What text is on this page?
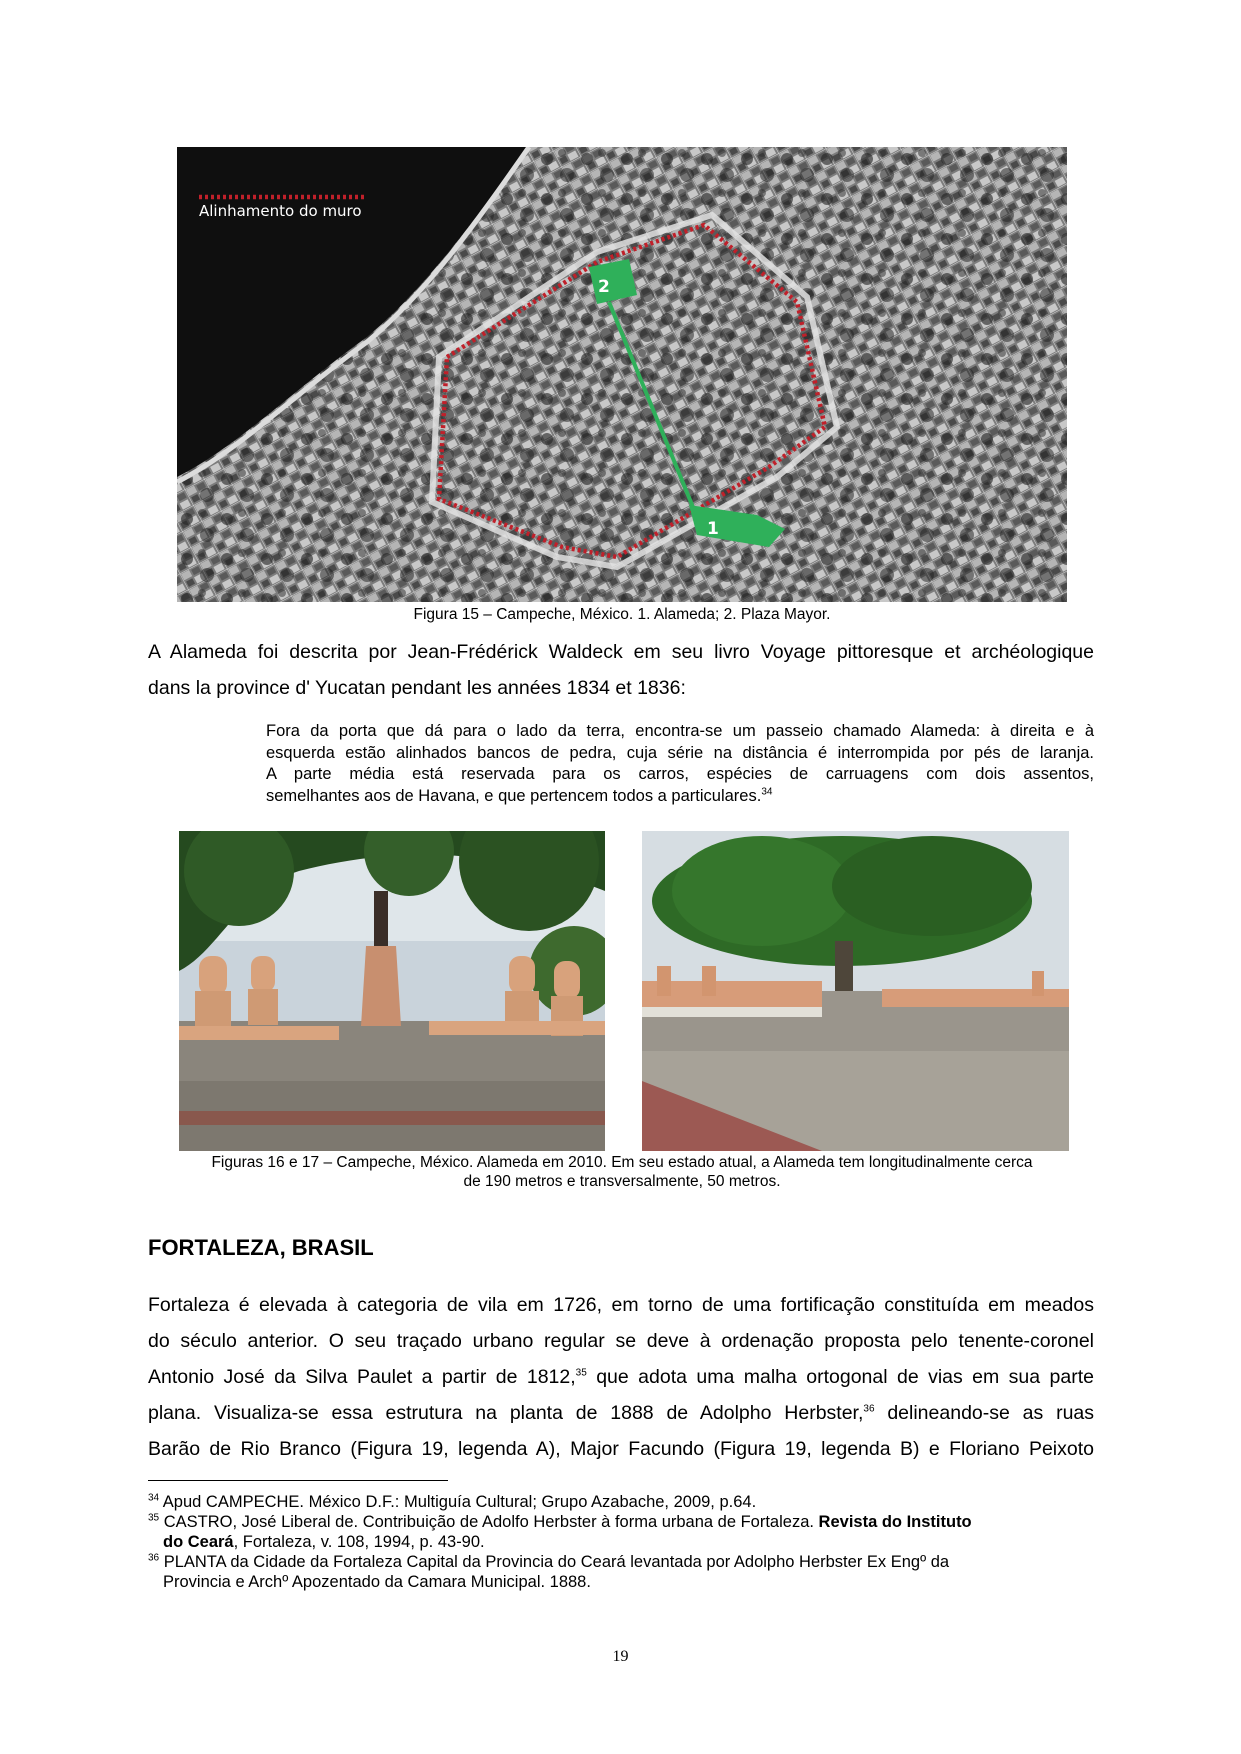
Alinhamento do muro
2
1
Figura 15 – Campeche, México. 1. Alameda; 2. Plaza Mayor.
A Alameda foi descrita por Jean-Frédérick Waldeck em seu livro Voyage pittoresque et archéologique
dans la province d' Yucatan pendant les années 1834 et 1836:
Fora da porta que dá para o lado da terra, encontra-se um passeio chamado Alameda: à direita e à
esquerda estão alinhados bancos de pedra, cuja série na distância é interrompida por pés de laranja.
A parte média está reservada para os carros, espécies de carruagens com dois assentos,
semelhantes aos de Havana, e que pertencem todos a particulares.$^{34}$
Figuras 16 e 17 – Campeche, México. Alameda em 2010. Em seu estado atual, a Alameda tem longitudinalmente cerca
de 190 metros e transversalmente, 50 metros.
FORTALEZA, BRASIL
Fortaleza é elevada à categoria de vila em 1726, em torno de uma fortificação constituída em meados
do século anterior. O seu traçado urbano regular se deve à ordenação proposta pelo tenente-coronel
Antonio José da Silva Paulet a partir de 1812,35 que adota uma malha ortogonal de vias em sua parte
plana. Visualiza-se essa estrutura na planta de 1888 de Adolpho Herbster,$^{36}$ delineando-se as ruas
Barão de Rio Branco (Figura 19, legenda A), Major Facundo (Figura 19, legenda B) e Floriano Peixoto
$^{34}$ Apud CAMPECHE. México D.F.: Multiguía Cultural; Grupo Azabache, 2009, p.64.
$^{35}$ CASTRO, José Liberal de. Contribuição de Adolfo Herbster à forma urbana de Fortaleza. Revista do Instituto
do Ceará, Fortaleza, v. 108, 1994, p. 43-90.
$^{36}$ PLANTA da Cidade da Fortaleza Capital da Provincia do Ceará levantada por Adolpho Herbster Ex Engº da
Provincia e Archº Apozentado da Camara Municipal. 1888.
19
